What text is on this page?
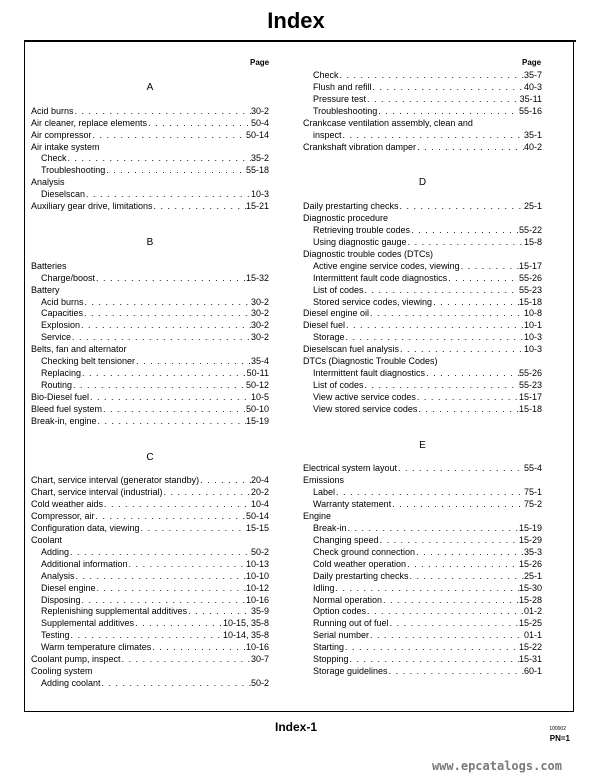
Index
Page	Page

A

Acid burns . . .	30-2
Air cleaner, replace elements . . .	50-4
Air compressor . . .	50-14
Air intake system
Check . . .	35-2
Troubleshooting . . .	55-18
Analysis
Dieselscan . . .	10-3
Auxiliary gear drive, limitations . . .	15-21

B

Batteries
Charge/boost . . .	15-32
Battery
Acid burns . . .	30-2
Capacities . . .	30-2
Explosion . . .	30-2
Service . . .	30-2
Belts, fan and alternator
Checking belt tensioner . . .	35-4
Replacing . . .	50-11
Routing . . .	50-12
Bio-Diesel fuel . . .	10-5
Bleed fuel system . . .	50-10
Break-in, engine . . .	15-19

C

Chart, service interval (generator standby) . . .	20-4
Chart, service interval (industrial) . . .	20-2
Cold weather aids . . .	10-4
Compressor, air . . .	50-14
Configuration data, viewing . . .	15-15
Coolant
Adding . . .	50-2
Additional information . . .	10-13
Analysis . . .	10-10
Diesel engine . . .	10-12
Disposing . . .	10-16
Replenishing supplemental additives . . .	35-9
Supplemental additives . . .	10-15, 35-8
Testing . . .	10-14, 35-8
Warm temperature climates . . .	10-16
Coolant pump, inspect . . .	30-7
Cooling system
Adding coolant . . .	50-2
Check . . .	35-7
Flush and refill . . .	40-3
Pressure test . . .	35-11
Troubleshooting . . .	55-16
Crankcase ventilation assembly, clean and
inspect . . .	35-1
Crankshaft vibration damper . . .	40-2

D

Daily prestarting checks . . .	25-1
Diagnostic procedure
Retrieving trouble codes . . .	55-22
Using diagnostic gauge . . .	15-8
Diagnostic trouble codes (DTCs)
Active engine service codes, viewing . . .	15-17
Intermittent fault code diagnostics . . .	55-26
List of codes . . .	55-23
Stored service codes, viewing . . .	15-18
Diesel engine oil . . .	10-8
Diesel fuel . . .	10-1
Storage . . .	10-3
Dieselscan fuel analysis . . .	10-3
DTCs (Diagnostic Trouble Codes)
Intermittent fault diagnostics . . .	55-26
List of codes . . .	55-23
View active service codes . . .	15-17
View stored service codes . . .	15-18

E

Electrical system layout . . .	55-4
Emissions
Label . . .	75-1
Warranty statement . . .	75-2
Engine
Break-in . . .	15-19
Changing speed . . .	15-29
Check ground connection . . .	35-3
Cold weather operation . . .	15-26
Daily prestarting checks . . .	25-1
Idling . . .	15-30
Normal operation . . .	15-28
Option codes . . .	01-2
Running out of fuel . . .	15-25
Serial number . . .	01-1
Starting . . .	15-22
Stopping . . .	15-31
Storage guidelines . . .	60-1
Index-1	100002
PN=1
www.epcatalogs.com
